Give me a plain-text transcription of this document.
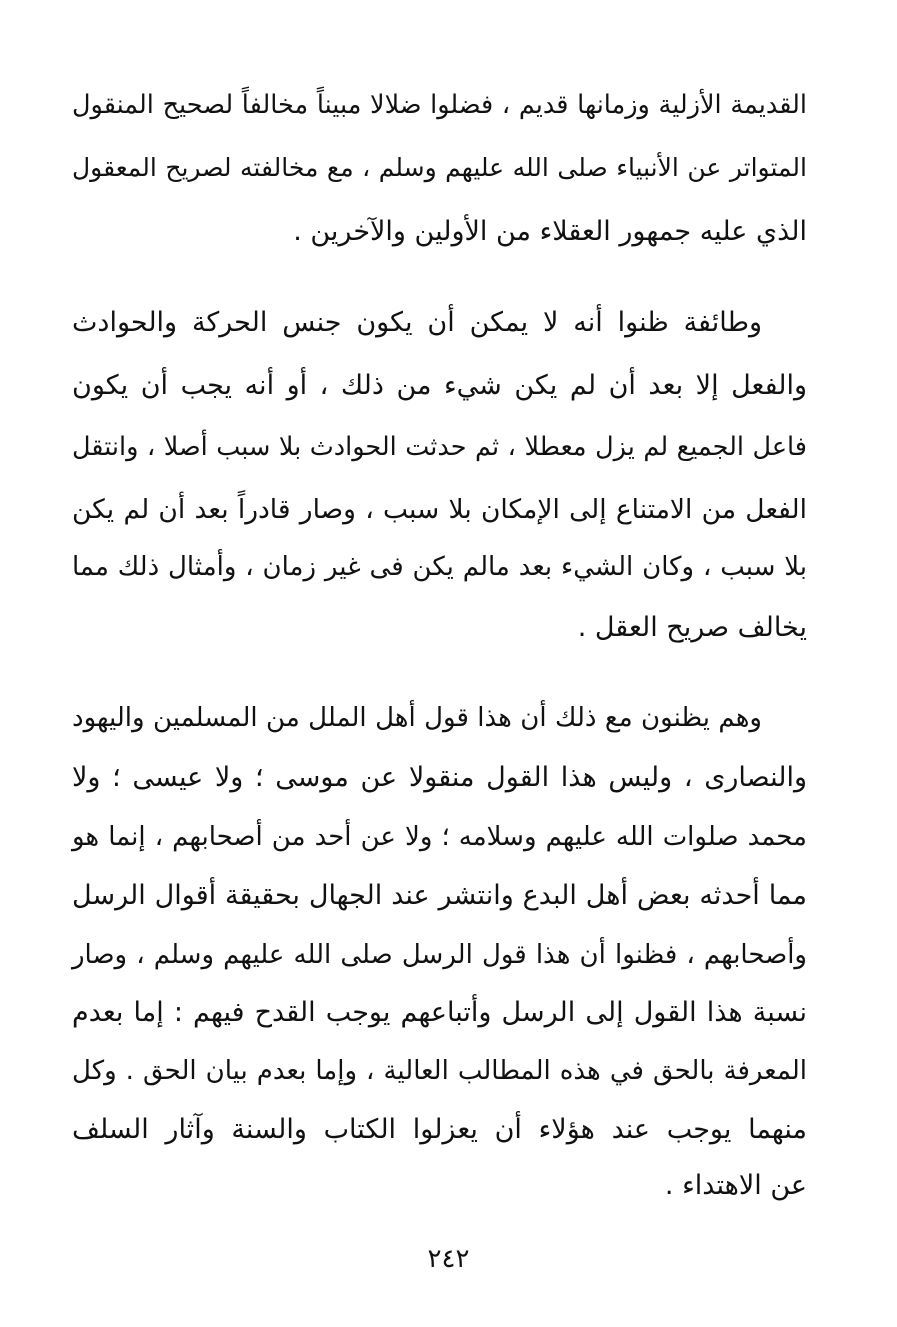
القديمة الأزلية وزمانها قديم ، فضلوا ضلالا مبيناً مخالفاً لصحيح المنقول
المتواتر عن الأنبياء صلى الله عليهم وسلم ، مع مخالفته لصريح المعقول
الذي عليه جمهور العقلاء من الأولين والآخرين .
وطائفة ظنوا أنه لا يمكن أن يكون جنس الحركة والحوادث
والفعل إلا بعد أن لم يكن شيء من ذلك ، أو أنه يجب أن يكون
فاعل الجميع لم يزل معطلا ، ثم حدثت الحوادث بلا سبب أصلا ، وانتقل
الفعل من الامتناع إلى الإمكان بلا سبب ، وصار قادراً بعد أن لم يكن
بلا سبب ، وكان الشيء بعد مالم يكن فى غير زمان ، وأمثال ذلك مما
يخالف صريح العقل .
وهم يظنون مع ذلك أن هذا قول أهل الملل من المسلمين واليهود
والنصارى ، وليس هذا القول منقولا عن موسى ؛ ولا عيسى ؛ ولا
محمد صلوات الله عليهم وسلامه ؛ ولا عن أحد من أصحابهم ، إنما هو
مما أحدثه بعض أهل البدع وانتشر عند الجهال بحقيقة أقوال الرسل
وأصحابهم ، فظنوا أن هذا قول الرسل صلى الله عليهم وسلم ، وصار
نسبة هذا القول إلى الرسل وأتباعهم يوجب القدح فيهم : إما بعدم
المعرفة بالحق في هذه المطالب العالية ، وإما بعدم بيان الحق . وكل
منهما يوجب عند هؤلاء أن يعزلوا الكتاب والسنة وآثار السلف
عن الاهتداء .
٢٤٢
